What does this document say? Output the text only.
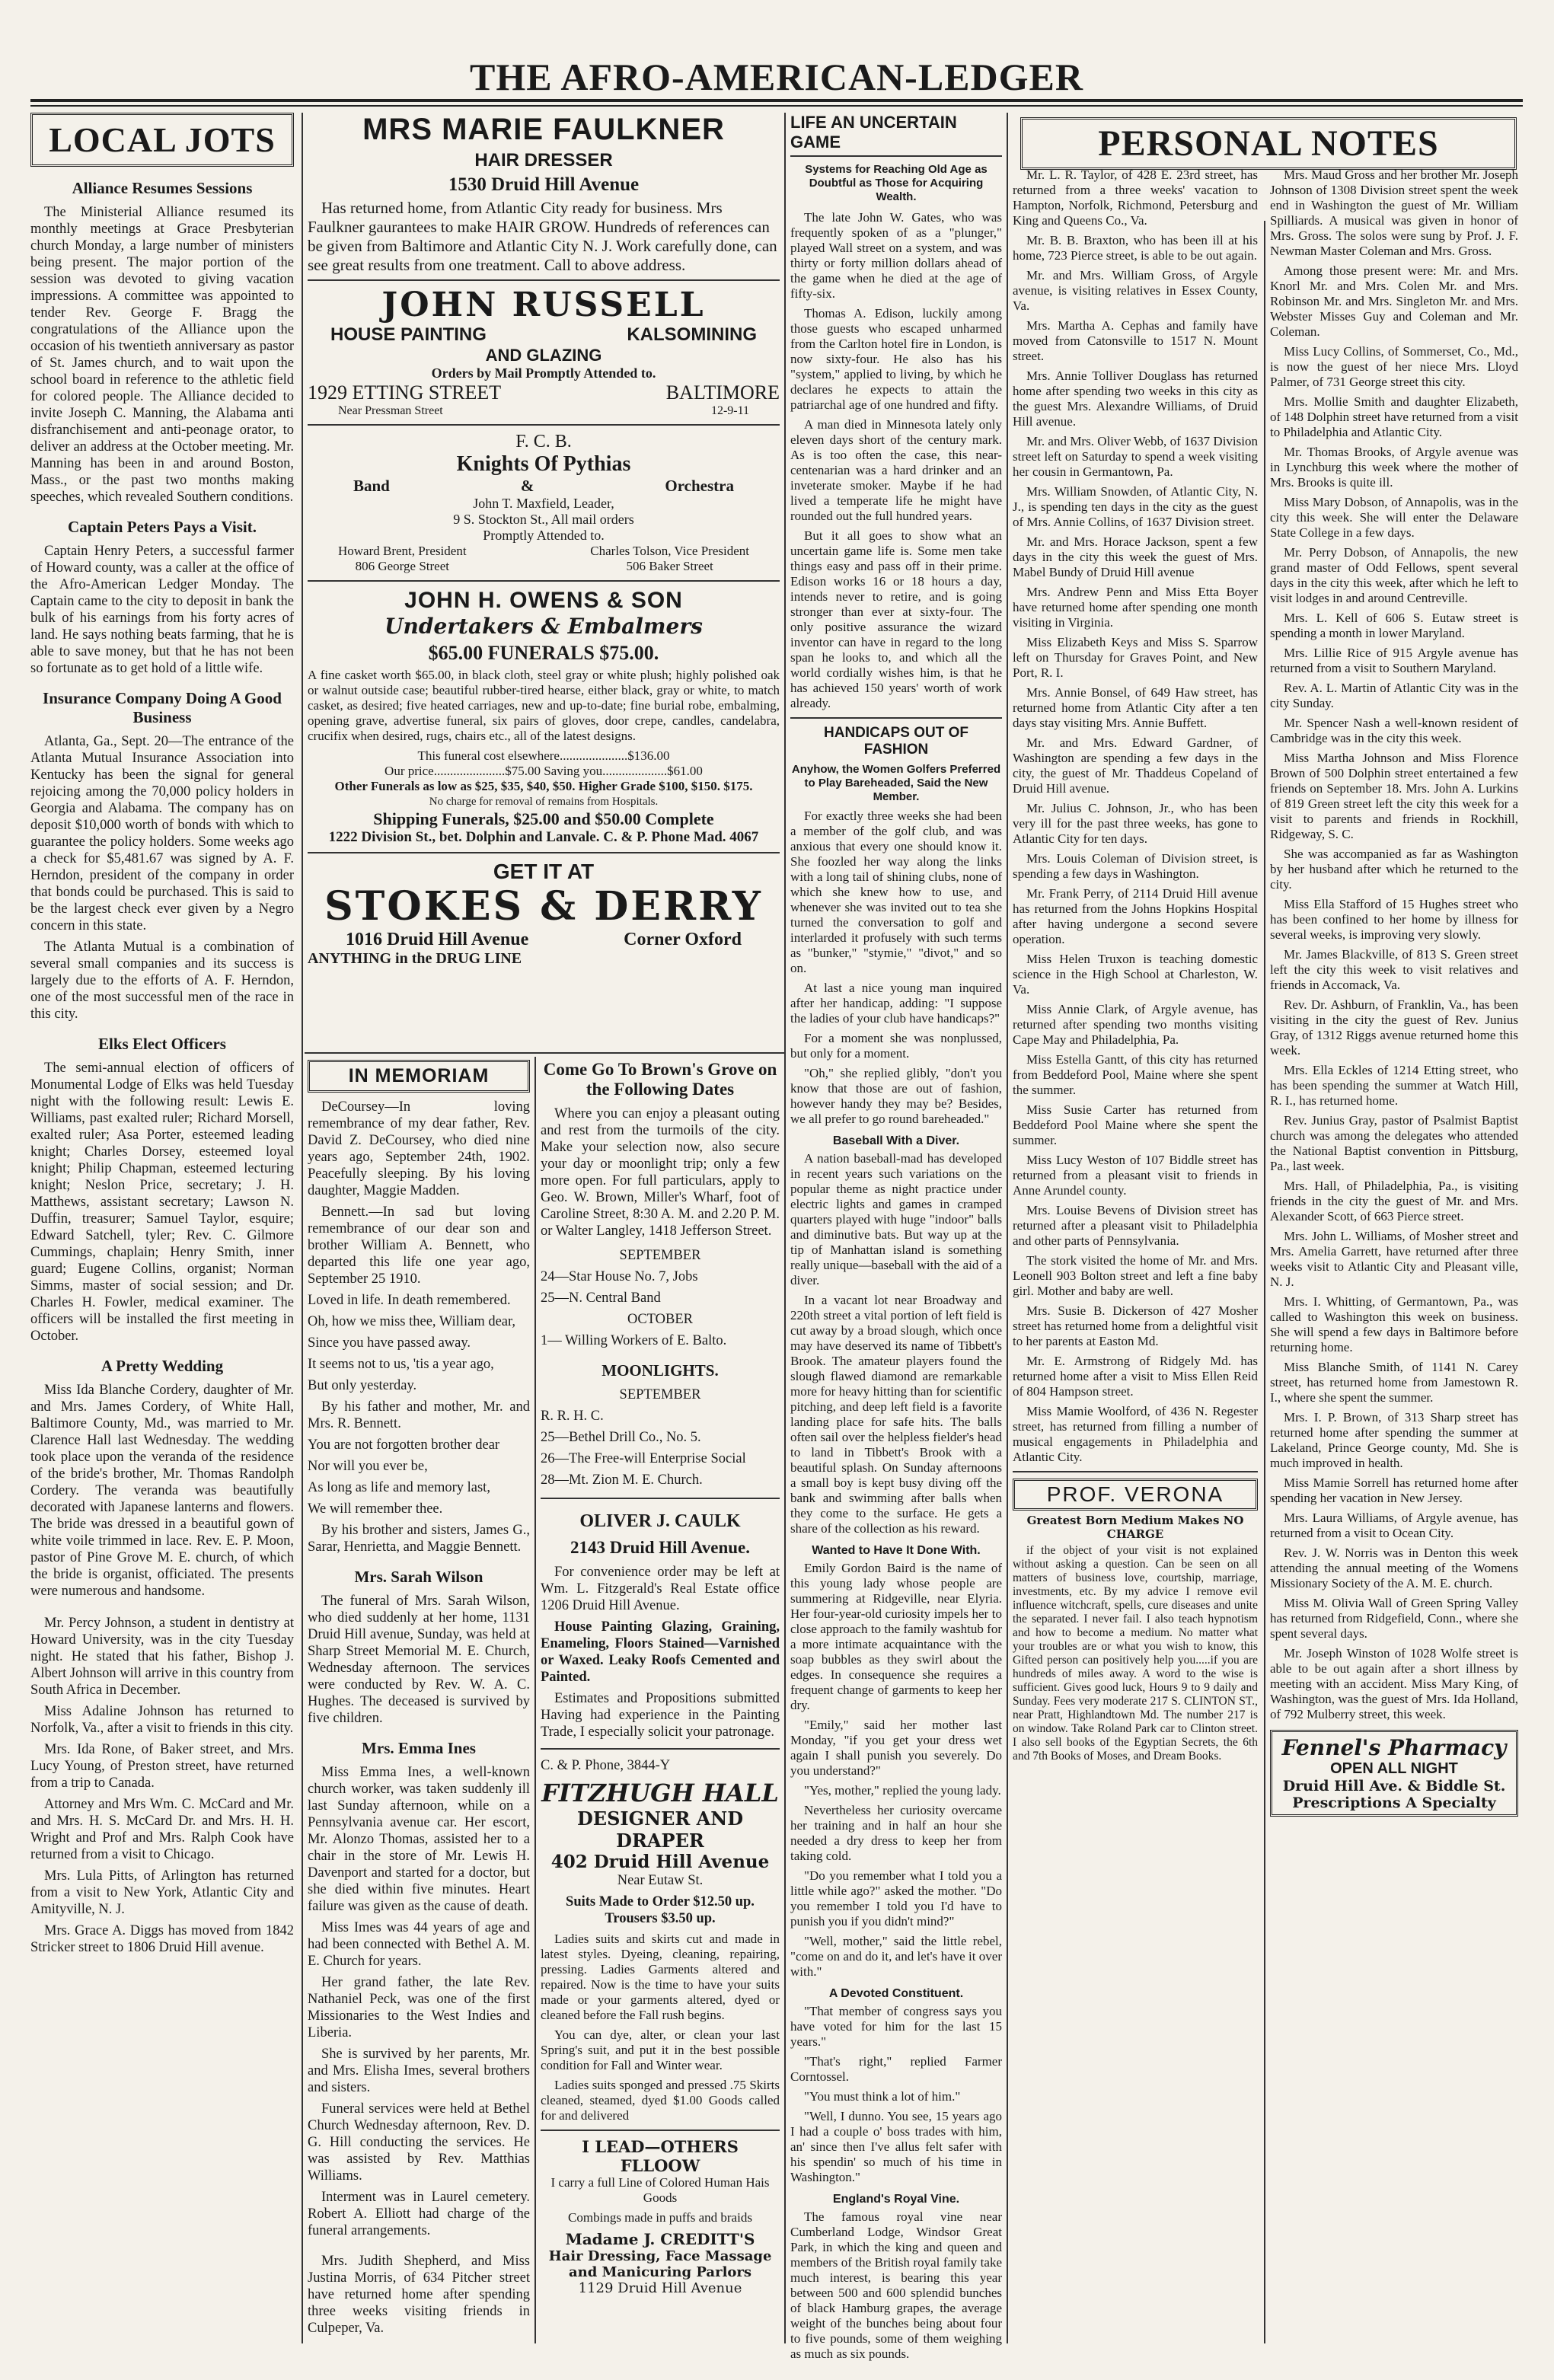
THE AFRO-AMERICAN-LEDGER
LOCAL JOTS
Alliance Resumes Sessions

The Ministerial Alliance resumed its monthly meetings at Grace Presbyterian church Monday, a large number of ministers being present. The major portion of the session was devoted to giving vacation impressions. A committee was appointed to tender Rev. George F. Bragg the congratulations of the Alliance upon the occasion of his twentieth anniversary as pastor of St. James church, and to wait upon the school board in reference to the athletic field for colored people. The Alliance decided to invite Joseph C. Manning, the Alabama anti disfranchisement and anti-peonage orator, to deliver an address at the October meeting. Mr. Manning has been in and around Boston, Mass., or the past two months making speeches, which revealed Southern conditions.

Captain Peters Pays a Visit.

Captain Henry Peters, a successful farmer of Howard county, was a caller at the office of the Afro-American Ledger Monday. The Captain came to the city to deposit in bank the bulk of his earnings from his forty acres of land. He says nothing beats farming, that he is able to save money, but that he has not been so fortunate as to get hold of a little wife.

Insurance Company Doing A Good Business

Atlanta, Ga., Sept. 20—The entrance of the Atlanta Mutual Insurance Association into Kentucky has been the signal for general rejoicing among the 70,000 policy holders in Georgia and Alabama. The company has on deposit $10,000 worth of bonds with which to guarantee the policy holders. Some weeks ago a check for $5,481.67 was signed by A. F. Herndon, president of the company in order that bonds could be purchased. This is said to be the largest check ever given by a Negro concern in this state.

The Atlanta Mutual is a combination of several small companies and its success is largely due to the efforts of A. F. Herndon, one of the most successful men of the race in this city.

Elks Elect Officers

The semi-annual election of officers of Monumental Lodge of Elks was held Tuesday night with the following result: Lewis E. Williams, past exalted ruler; Richard Morsell, exalted ruler; Asa Porter, esteemed leading knight; Charles Dorsey, esteemed loyal knight; Philip Chapman, esteemed lecturing knight; Neslon Price, secretary; J. H. Matthews, assistant secretary; Lawson N. Duffin, treasurer; Samuel Taylor, esquire; Edward Satchell, tyler; Rev. C. Gilmore Cummings, chaplain; Henry Smith, inner guard; Eugene Collins, organist; Norman Simms, master of social session; and Dr. Charles H. Fowler, medical examiner. The officers will be installed the first meeting in October.

A Pretty Wedding

Miss Ida Blanche Cordery, daughter of Mr. and Mrs. James Cordery, of White Hall, Baltimore County, Md., was married to Mr. Clarence Hall last Wednesday. The wedding took place upon the veranda of the residence of the bride's brother, Mr. Thomas Randolph Cordery. The veranda was beautifully decorated with Japanese lanterns and flowers. The bride was dressed in a beautiful gown of white voile trimmed in lace. Rev. E. P. Moon, pastor of Pine Grove M. E. church, of which the bride is organist, officiated. The presents were numerous and handsome.

Mr. Percy Johnson, a student in dentistry at Howard University, was in the city Tuesday night. He stated that his father, Bishop J. Albert Johnson will arrive in this country from South Africa in December.

Miss Adaline Johnson has returned to Norfolk, Va., after a visit to friends in this city.

Mrs. Ida Rone, of Baker street, and Mrs. Lucy Young, of Preston street, have returned from a trip to Canada.

Attorney and Mrs Wm. C. McCard and Mr. and Mrs. H. S. McCard Dr. and Mrs. H. H. Wright and Prof and Mrs. Ralph Cook have returned from a visit to Chicago.

Mrs. Lula Pitts, of Arlington has returned from a visit to New York, Atlantic City and Amityville, N. J.

Mrs. Grace A. Diggs has moved from 1842 Stricker street to 1806 Druid Hill avenue.

MRS MARIE FAULKNER
HAIR DRESSER
1530 Druid Hill Avenue

Has returned home, from Atlantic City ready for business. Mrs Faulkner gaurantees to make HAIR GROW. Hundreds of references can be given from Baltimore and Atlantic City N. J. Work carefully done, can see great results from one treatment. Call to above address.

JOHN RUSSELL
HOUSE PAINTING	KALSOMINING
AND GLAZING
Orders by Mail Promptly Attended to.
1929 ETTING STREET	BALTIMORE
Near Pressman Street	12-9-11
F. C. B.
Knights Of Pythias
Band	&	Orchestra
John T. Maxfield, Leader,
9 S. Stockton St., All mail orders
Promptly Attended to.
Howard Brent, President
806 George Street
Charles Tolson, Vice President
506 Baker Street
JOHN H. OWENS & SON
Undertakers & Embalmers
$65.00 FUNERALS $75.00.

A fine casket worth $65.00, in black cloth, steel gray or white plush; highly polished oak or walnut outside case; beautiful rubber-tired hearse, either black, gray or white, to match casket, as desired; five heated carriages, new and up-to-date; fine burial robe, embalming, opening grave, advertise funeral, six pairs of gloves, door crepe, candles, candelabra, crucifix when desired, rugs, chairs etc., all of the latest designs.

This funeral cost elsewhere.....................$136.00
Our price......................$75.00 Saving you....................$61.00
Other Funerals as low as $25, $35, $40, $50. Higher Grade $100, $150. $175.
No charge for removal of remains from Hospitals.
Shipping Funerals, $25.00 and $50.00 Complete
1222 Division St., bet. Dolphin and Lanvale. C. & P. Phone Mad. 4067
GET IT AT
STOKES & DERRY
1016 Druid Hill Avenue	Corner Oxford
ANYTHING in the DRUG LINE
IN MEMORIAM

DeCoursey—In loving remembrance of my dear father, Rev. David Z. DeCoursey, who died nine years ago, September 24th, 1902. Peacefully sleeping. By his loving daughter, Maggie Madden.

Bennett.—In sad but loving remembrance of our dear son and brother William A. Bennett, who departed this life one year ago, September 25 1910.

Loved in life. In death remembered.
Oh, how we miss thee, William dear,
Since you have passed away.
It seems not to us, 'tis a year ago,
But only yesterday.

By his father and mother, Mr. and Mrs. R. Bennett.

You are not forgotten brother dear
Nor will you ever be,
As long as life and memory last,
We will remember thee.

By his brother and sisters, James G., Sarar, Henrietta, and Maggie Bennett.

Mrs. Sarah Wilson

The funeral of Mrs. Sarah Wilson, who died suddenly at her home, 1131 Druid Hill avenue, Sunday, was held at Sharp Street Memorial M. E. Church, Wednesday afternoon. The services were conducted by Rev. W. A. C. Hughes. The deceased is survived by five children.

Mrs. Emma Ines

Miss Emma Ines, a well-known church worker, was taken suddenly ill last Sunday afternoon, while on a Pennsylvania avenue car. Her escort, Mr. Alonzo Thomas, assisted her to a chair in the store of Mr. Lewis H. Davenport and started for a doctor, but she died within five minutes. Heart failure was given as the cause of death.

Miss Imes was 44 years of age and had been connected with Bethel A. M. E. Church for years.

Her grand father, the late Rev. Nathaniel Peck, was one of the first Missionaries to the West Indies and Liberia.

She is survived by her parents, Mr. and Mrs. Elisha Imes, several brothers and sisters.

Funeral services were held at Bethel Church Wednesday afternoon, Rev. D. G. Hill conducting the services. He was assisted by Rev. Matthias Williams.

Interment was in Laurel cemetery. Robert A. Elliott had charge of the funeral arrangements.

Mrs. Judith Shepherd, and Miss Justina Morris, of 634 Pitcher street have returned home after spending three weeks visiting friends in Culpeper, Va.

Come Go To Brown's Grove on the Following Dates

Where you can enjoy a pleasant outing and rest from the turmoils of the city. Make your selection now, also secure your day or moonlight trip; only a few more open. For full particulars, apply to Geo. W. Brown, Miller's Wharf, foot of Caroline Street, 8:30 A. M. and 2.20 P. M. or Walter Langley, 1418 Jefferson Street.

SEPTEMBER
24—Star House No. 7, Jobs
25—N. Central Band
OCTOBER
1— Willing Workers of E. Balto.
MOONLIGHTS.
SEPTEMBER
R. R. H. C.
25—Bethel Drill Co., No. 5.
26—The Free-will Enterprise Social
28—Mt. Zion M. E. Church.
OLIVER J. CAULK
2143 Druid Hill Avenue.

For convenience order may be left at Wm. L. Fitzgerald's Real Estate office 1206 Druid Hill Avenue.

House Painting Glazing, Graining, Enameling, Floors Stained—Varnished or Waxed. Leaky Roofs Cemented and Painted.

Estimates and Propositions submitted Having had experience in the Painting Trade, I especially solicit your patronage.

C. & P. Phone, 3844-Y
FITZHUGH HALL
DESIGNER AND DRAPER
402 Druid Hill Avenue
Near Eutaw St.
Suits Made to Order $12.50 up. Trousers $3.50 up.

Ladies suits and skirts cut and made in latest styles. Dyeing, cleaning, repairing, pressing. Ladies Garments altered and repaired. Now is the time to have your suits made or your garments altered, dyed or cleaned before the Fall rush begins.

You can dye, alter, or clean your last Spring's suit, and put it in the best possible condition for Fall and Winter wear.

Ladies suits sponged and pressed .75 Skirts cleaned, steamed, dyed $1.00 Goods called for and delivered

I LEAD—OTHERS FLLOOW
I carry a full Line of Colored Human Hais Goods
Combings made in puffs and braids
Madame J. CREDITT'S
Hair Dressing, Face Massage and Manicuring Parlors
1129 Druid Hill Avenue
LIFE AN UNCERTAIN GAME
Systems for Reaching Old Age as Doubtful as Those for Acquiring Wealth.

The late John W. Gates, who was frequently spoken of as a "plunger," played Wall street on a system, and was thirty or forty million dollars ahead of the game when he died at the age of fifty-six.

Thomas A. Edison, luckily among those guests who escaped unharmed from the Carlton hotel fire in London, is now sixty-four. He also has his "system," applied to living, by which he declares he expects to attain the patriarchal age of one hundred and fifty.

A man died in Minnesota lately only eleven days short of the century mark. As is too often the case, this near-centenarian was a hard drinker and an inveterate smoker. Maybe if he had lived a temperate life he might have rounded out the full hundred years.

But it all goes to show what an uncertain game life is. Some men take things easy and pass off in their prime. Edison works 16 or 18 hours a day, intends never to retire, and is going stronger than ever at sixty-four. The only positive assurance the wizard inventor can have in regard to the long span he looks to, and which all the world cordially wishes him, is that he has achieved 150 years' worth of work already.

HANDICAPS OUT OF FASHION
Anyhow, the Women Golfers Preferred to Play Bareheaded, Said the New Member.

For exactly three weeks she had been a member of the golf club, and was anxious that every one should know it. She foozled her way along the links with a long tail of shining clubs, none of which she knew how to use, and whenever she was invited out to tea she turned the conversation to golf and interlarded it profusely with such terms as "bunker," "stymie," "divot," and so on.

At last a nice young man inquired after her handicap, adding: "I suppose the ladies of your club have handicaps?"

For a moment she was nonplussed, but only for a moment.

"Oh," she replied glibly, "don't you know that those are out of fashion, however handy they may be? Besides, we all prefer to go round bareheaded."

Baseball With a Diver.

A nation baseball-mad has developed in recent years such variations on the popular theme as night practice under electric lights and games in cramped quarters played with huge "indoor" balls and diminutive bats. But way up at the tip of Manhattan island is something really unique—baseball with the aid of a diver.

In a vacant lot near Broadway and 220th street a vital portion of left field is cut away by a broad slough, which once may have deserved its name of Tibbett's Brook. The amateur players found the slough flawed diamond are remarkable more for heavy hitting than for scientific pitching, and deep left field is a favorite landing place for safe hits. The balls often sail over the helpless fielder's head to land in Tibbett's Brook with a beautiful splash. On Sunday afternoons a small boy is kept busy diving off the bank and swimming after balls when they come to the surface. He gets a share of the collection as his reward.

Wanted to Have It Done With.

Emily Gordon Baird is the name of this young lady whose people are summering at Ridgeville, near Elyria. Her four-year-old curiosity impels her to close approach to the family washtub for a more intimate acquaintance with the soap bubbles as they swirl about the edges. In consequence she requires a frequent change of garments to keep her dry.

"Emily," said her mother last Monday, "if you get your dress wet again I shall punish you severely. Do you understand?"

"Yes, mother," replied the young lady.

Nevertheless her curiosity overcame her training and in half an hour she needed a dry dress to keep her from taking cold.

"Do you remember what I told you a little while ago?" asked the mother. "Do you remember I told you I'd have to punish you if you didn't mind?"

"Well, mother," said the little rebel, "come on and do it, and let's have it over with."

A Devoted Constituent.

"That member of congress says you have voted for him for the last 15 years."

"That's right," replied Farmer Corntossel.

"You must think a lot of him."

"Well, I dunno. You see, 15 years ago I had a couple o' boss trades with him, an' since then I've allus felt safer with his spendin' so much of his time in Washington."

England's Royal Vine.

The famous royal vine near Cumberland Lodge, Windsor Great Park, in which the king and queen and members of the British royal family take much interest, is bearing this year between 500 and 600 splendid bunches of black Hamburg grapes, the average weight of the bunches being about four to five pounds, some of them weighing as much as six pounds.

PERSONAL NOTES

Mr. L. R. Taylor, of 428 E. 23rd street, has returned from a three weeks' vacation to Hampton, Norfolk, Richmond, Petersburg and King and Queens Co., Va.

Mr. B. B. Braxton, who has been ill at his home, 723 Pierce street, is able to be out again.

Mr. and Mrs. William Gross, of Argyle avenue, is visiting relatives in Essex County, Va.

Mrs. Martha A. Cephas and family have moved from Catonsville to 1517 N. Mount street.

Mrs. Annie Tolliver Douglass has returned home after spending two weeks in this city as the guest Mrs. Alexandre Williams, of Druid Hill avenue.

Mr. and Mrs. Oliver Webb, of 1637 Division street left on Saturday to spend a week visiting her cousin in Germantown, Pa.

Mrs. William Snowden, of Atlantic City, N. J., is spending ten days in the city as the guest of Mrs. Annie Collins, of 1637 Division street.

Mr. and Mrs. Horace Jackson, spent a few days in the city this week the guest of Mrs. Mabel Bundy of Druid Hill avenue

Mrs. Andrew Penn and Miss Etta Boyer have returned home after spending one month visiting in Virginia.

Miss Elizabeth Keys and Miss S. Sparrow left on Thursday for Graves Point, and New Port, R. I.

Mrs. Annie Bonsel, of 649 Haw street, has returned home from Atlantic City after a ten days stay visiting Mrs. Annie Buffett.

Mr. and Mrs. Edward Gardner, of Washington are spending a few days in the city, the guest of Mr. Thaddeus Copeland of Druid Hill avenue.

Mr. Julius C. Johnson, Jr., who has been very ill for the past three weeks, has gone to Atlantic City for ten days.

Mrs. Louis Coleman of Division street, is spending a few days in Washington.

Mr. Frank Perry, of 2114 Druid Hill avenue has returned from the Johns Hopkins Hospital after having undergone a second severe operation.

Miss Helen Truxon is teaching domestic science in the High School at Charleston, W. Va.

Miss Annie Clark, of Argyle avenue, has returned after spending two months visiting Cape May and Philadelphia, Pa.

Miss Estella Gantt, of this city has returned from Beddeford Pool, Maine where she spent the summer.

Miss Susie Carter has returned from Beddeford Pool Maine where she spent the summer.

Miss Lucy Weston of 107 Biddle street has returned from a pleasant visit to friends in Anne Arundel county.

Mrs. Louise Bevens of Division street has returned after a pleasant visit to Philadelphia and other parts of Pennsylvania.

The stork visited the home of Mr. and Mrs. Leonell 903 Bolton street and left a fine baby girl. Mother and baby are well.

Mrs. Susie B. Dickerson of 427 Mosher street has returned home from a delightful visit to her parents at Easton Md.

Mr. E. Armstrong of Ridgely Md. has returned home after a visit to Miss Ellen Reid of 804 Hampson street.

Miss Mamie Woolford, of 436 N. Regester street, has returned from filling a number of musical engagements in Philadelphia and Atlantic City.

PROF. VERONA
Greatest Born Medium Makes NO CHARGE

if the object of your visit is not explained without asking a question. Can be seen on all matters of business love, courtship, marriage, investments, etc. By my advice I remove evil influence witchcraft, spells, cure diseases and unite the separated. I never fail. I also teach hypnotism and how to become a medium. No matter what your troubles are or what you wish to know, this Gifted person can positively help you.....if you are hundreds of miles away. A word to the wise is sufficient. Gives good luck, Hours 9 to 9 daily and Sunday. Fees very moderate 217 S. CLINTON ST., near Pratt, Highlandtown Md. The number 217 is on window. Take Roland Park car to Clinton street. I also sell books of the Egyptian Secrets, the 6th and 7th Books of Moses, and Dream Books.

Mrs. Maud Gross and her brother Mr. Joseph Johnson of 1308 Division street spent the week end in Washington the guest of Mr. William Spilliards. A musical was given in honor of Mrs. Gross. The solos were sung by Prof. J. F. Newman Master Coleman and Mrs. Gross.

Among those present were: Mr. and Mrs. Knorl Mr. and Mrs. Colen Mr. and Mrs. Robinson Mr. and Mrs. Singleton Mr. and Mrs. Webster Misses Guy and Coleman and Mr. Coleman.

Miss Lucy Collins, of Sommerset, Co., Md., is now the guest of her niece Mrs. Lloyd Palmer, of 731 George street this city.

Mrs. Mollie Smith and daughter Elizabeth, of 148 Dolphin street have returned from a visit to Philadelphia and Atlantic City.

Mr. Thomas Brooks, of Argyle avenue was in Lynchburg this week where the mother of Mrs. Brooks is quite ill.

Miss Mary Dobson, of Annapolis, was in the city this week. She will enter the Delaware State College in a few days.

Mr. Perry Dobson, of Annapolis, the new grand master of Odd Fellows, spent several days in the city this week, after which he left to visit lodges in and around Centreville.

Mrs. L. Kell of 606 S. Eutaw street is spending a month in lower Maryland.

Mrs. Lillie Rice of 915 Argyle avenue has returned from a visit to Southern Maryland.

Rev. A. L. Martin of Atlantic City was in the city Sunday.

Mr. Spencer Nash a well-known resident of Cambridge was in the city this week.

Miss Martha Johnson and Miss Florence Brown of 500 Dolphin street entertained a few friends on September 18. Mrs. John A. Lurkins of 819 Green street left the city this week for a visit to parents and friends in Rockhill, Ridgeway, S. C.

She was accompanied as far as Washington by her husband after which he returned to the city.

Miss Ella Stafford of 15 Hughes street who has been confined to her home by illness for several weeks, is improving very slowly.

Mr. James Blackville, of 813 S. Green street left the city this week to visit relatives and friends in Accomack, Va.

Rev. Dr. Ashburn, of Franklin, Va., has been visiting in the city the guest of Rev. Junius Gray, of 1312 Riggs avenue returned home this week.

Mrs. Ella Eckles of 1214 Etting street, who has been spending the summer at Watch Hill, R. I., has returned home.

Rev. Junius Gray, pastor of Psalmist Baptist church was among the delegates who attended the National Baptist convention in Pittsburg, Pa., last week.

Mrs. Hall, of Philadelphia, Pa., is visiting friends in the city the guest of Mr. and Mrs. Alexander Scott, of 663 Pierce street.

Mrs. John L. Williams, of Mosher street and Mrs. Amelia Garrett, have returned after three weeks visit to Atlantic City and Pleasant ville, N. J.

Mrs. I. Whitting, of Germantown, Pa., was called to Washington this week on business. She will spend a few days in Baltimore before returning home.

Miss Blanche Smith, of 1141 N. Carey street, has returned home from Jamestown R. I., where she spent the summer.

Mrs. I. P. Brown, of 313 Sharp street has returned home after spending the summer at Lakeland, Prince George county, Md. She is much improved in health.

Miss Mamie Sorrell has returned home after spending her vacation in New Jersey.

Mrs. Laura Williams, of Argyle avenue, has returned from a visit to Ocean City.

Rev. J. W. Norris was in Denton this week attending the annual meeting of the Womens Missionary Society of the A. M. E. church.

Miss M. Olivia Wall of Green Spring Valley has returned from Ridgefield, Conn., where she spent several days.

Mr. Joseph Winston of 1028 Wolfe street is able to be out again after a short illness by meeting with an accident. Miss Mary King, of Washington, was the guest of Mrs. Ida Holland, of 792 Mulberry street, this week.

Fennel's Pharmacy
OPEN ALL NIGHT
Druid Hill Ave. & Biddle St.
Prescriptions A Specialty
